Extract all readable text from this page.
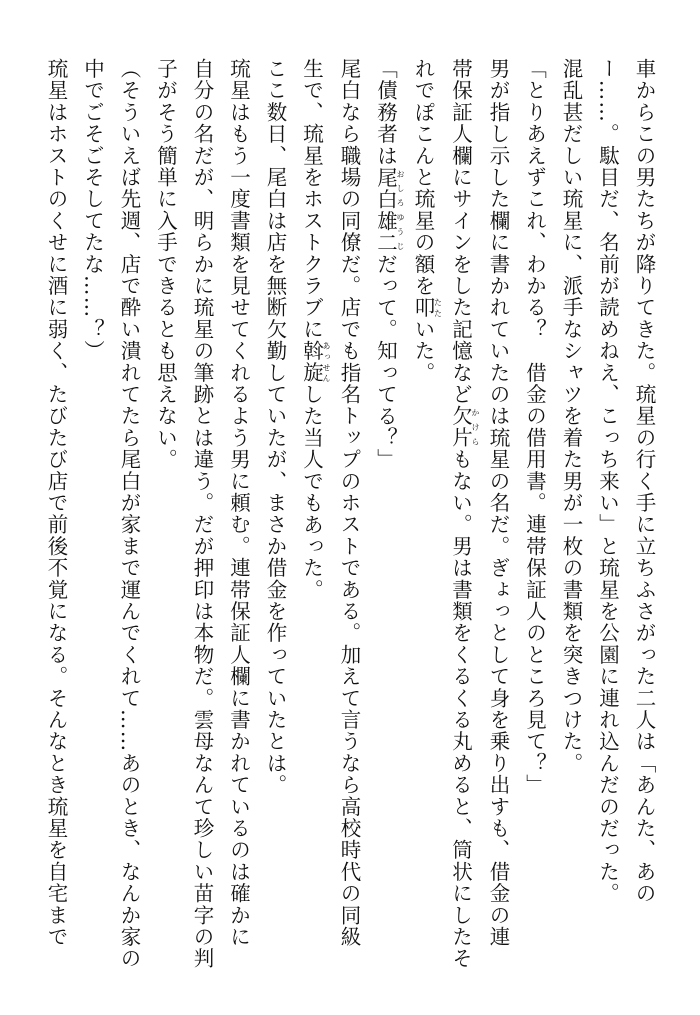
車からこの男たちが降りてきた。琉星の行く手に立ちふさがった二人は「あんた、あの
ー……。駄目だ、名前が読めねえ、こっち来い」と琉星を公園に連れ込んだのだった。
混乱甚だしい琉星に、派手なシャツを着た男が一枚の書類を突きつけた。
「とりあえずこれ、わかる？　借金の借用書。連帯保証人のところ見て？」
男が指し示した欄に書かれていたのは琉星の名だ。ぎょっとして身を乗り出すも、借金の連
帯保証人欄にサインをした記憶など欠片かけらもない。男は書類をくるくる丸めると、筒状にしたそ
れでぽこんと琉星の額を叩たたいた。
「債務者は尾白雄二おしろゆうじだって。知ってる？」
尾白なら職場の同僚だ。店でも指名トップのホストである。加えて言うなら高校時代の同級
生で、琉星をホストクラブに斡旋あっせんした当人でもあった。
ここ数日、尾白は店を無断欠勤していたが、まさか借金を作っていたとは。
琉星はもう一度書類を見せてくれるよう男に頼む。連帯保証人欄に書かれているのは確かに
自分の名だが、明らかに琉星の筆跡とは違う。だが押印は本物だ。雲母なんて珍しい苗字の判
子がそう簡単に入手できるとも思えない。
（そういえば先週、店で酔い潰れてたら尾白が家まで運んでくれて……あのとき、なんか家の
中でごそごそしてたな……？）
琉星はホストのくせに酒に弱く、たびたび店で前後不覚になる。そんなとき琉星を自宅まで
